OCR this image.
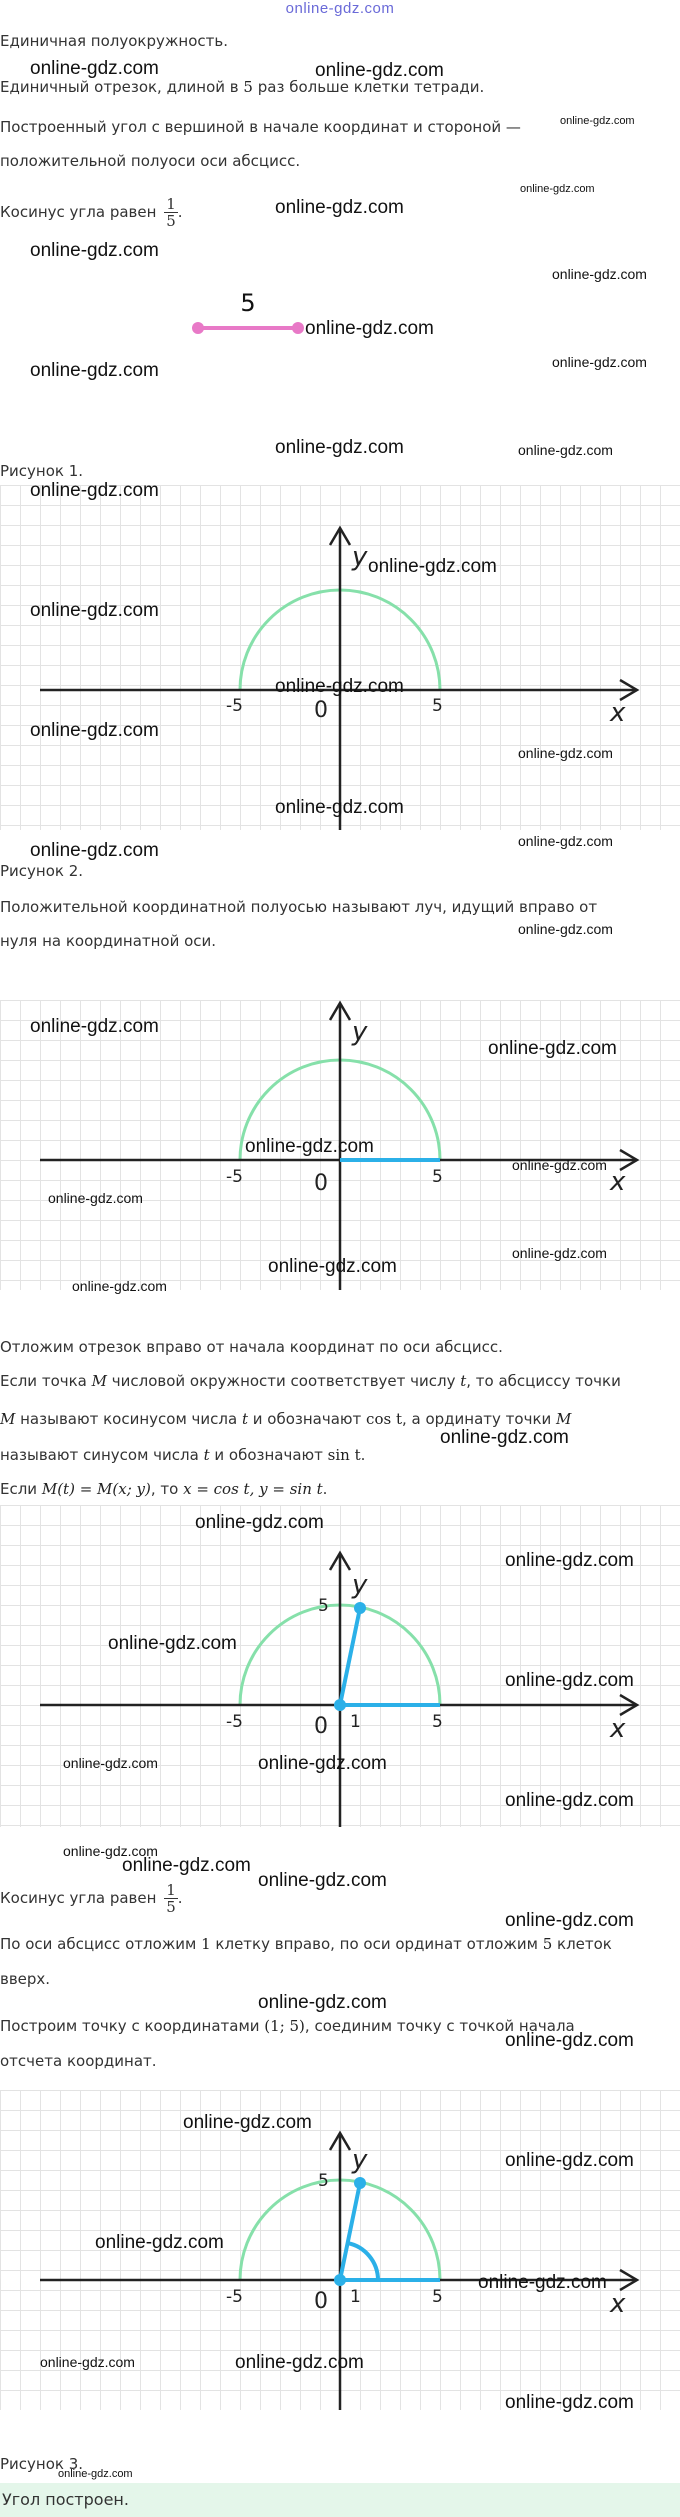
online-gdz.com
Единичная полуокружность.
Единичный отрезок, длиной в 5 раз больше клетки тетради.
Построенный угол с вершиной в начале координат и стороной —
положительной полуоси оси абсцисс.
Косинус угла равен $\frac{1}{5}$ .
5
Рисунок 1.
x
y
-5	5
0
Рисунок 2.
Положительной координатной полуосью называют луч, идущий вправо от
нуля на координатной оси.
x
y
-5	5
0
Отложим отрезок вправо от начала координат по оси абсцисс.
Если точка M числовой окружности соответствует числу t, то абсциссу точки
M называют косинусом числа t и обозначают cos t, а ординату точки M
называют синусом числа t и обозначают sin t.
Если M(t) = M(x; y), то x = cos t, y = sin t.
x
y
5
-5	1	5
0
Косинус угла равен $\frac{1}{5}$ .
По оси абсцисс отложим 1 клетку вправо, по оси ординат отложим 5 клеток
вверх.
Построим точку с координатами (1; 5), соединим точку с точкой начала
отсчета координат.
x
y
5
-5	1	5
0
Рисунок 3.
Угол построен.
online-gdz.com	online-gdz.com
online-gdz.com
online-gdz.com
online-gdz.com
online-gdz.com
online-gdz.com
online-gdz.com
online-gdz.com
online-gdz.com
online-gdz.com	online-gdz.com
online-gdz.com
online-gdz.com
online-gdz.com
online-gdz.com
online-gdz.com
online-gdz.com
online-gdz.com
online-gdz.com
online-gdz.com
online-gdz.com
online-gdz.com
online-gdz.com
online-gdz.com
online-gdz.com
online-gdz.com
online-gdz.com
online-gdz.com
online-gdz.com
online-gdz.com
online-gdz.com
online-gdz.com
online-gdz.com
online-gdz.com
online-gdz.com	online-gdz.com
online-gdz.com
online-gdz.com
online-gdz.com
online-gdz.com
online-gdz.com
online-gdz.com
online-gdz.com
online-gdz.com
online-gdz.com
online-gdz.com
online-gdz.com
online-gdz.com	online-gdz.com
online-gdz.com
online-gdz.com
